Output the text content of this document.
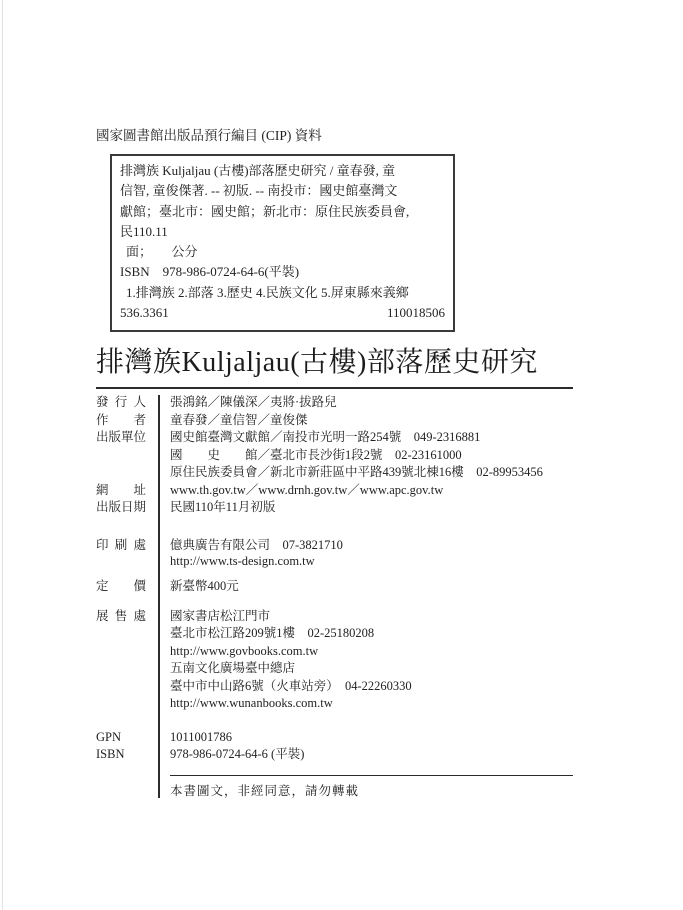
國家圖書館出版品預行編目 (CIP) 資料
排灣族 Kuljaljau (古樓)部落歷史研究 / 童春發, 童
信智, 童俊傑著. -- 初版. -- 南投市：國史館臺灣文
獻館；臺北市：國史館；新北市：原住民族委員會,
民110.11
面；　　公分
ISBN　978-986-0724-64-6(平裝)
1.排灣族 2.部落 3.歷史 4.民族文化 5.屏東縣來義鄉
536.3361	110018506
排灣族Kuljaljau(古樓)部落歷史研究
發行人 張鴻銘／陳儀深／夷將·拔路兒
作者 童春發／童信智／童俊傑
出版單位 國史館臺灣文獻館／南投市光明一路254號　049-2316881
國　　史　　館／臺北市長沙街1段2號　02-23161000
原住民族委員會／新北市新莊區中平路439號北棟16樓　02-89953456
網址 www.th.gov.tw／www.drnh.gov.tw／www.apc.gov.tw
出版日期 民國110年11月初版
印刷處 億典廣告有限公司　07-3821710
http://www.ts-design.com.tw
定價 新臺幣400元
展售處 國家書店松江門市
臺北市松江路209號1樓　02-25180208
http://www.govbooks.com.tw
五南文化廣場臺中總店
臺中市中山路6號（火車站旁）　04-22260330
http://www.wunanbooks.com.tw
GPN	1011001786
ISBN	978-986-0724-64-6 (平裝)
本書圖文，非經同意，請勿轉載
